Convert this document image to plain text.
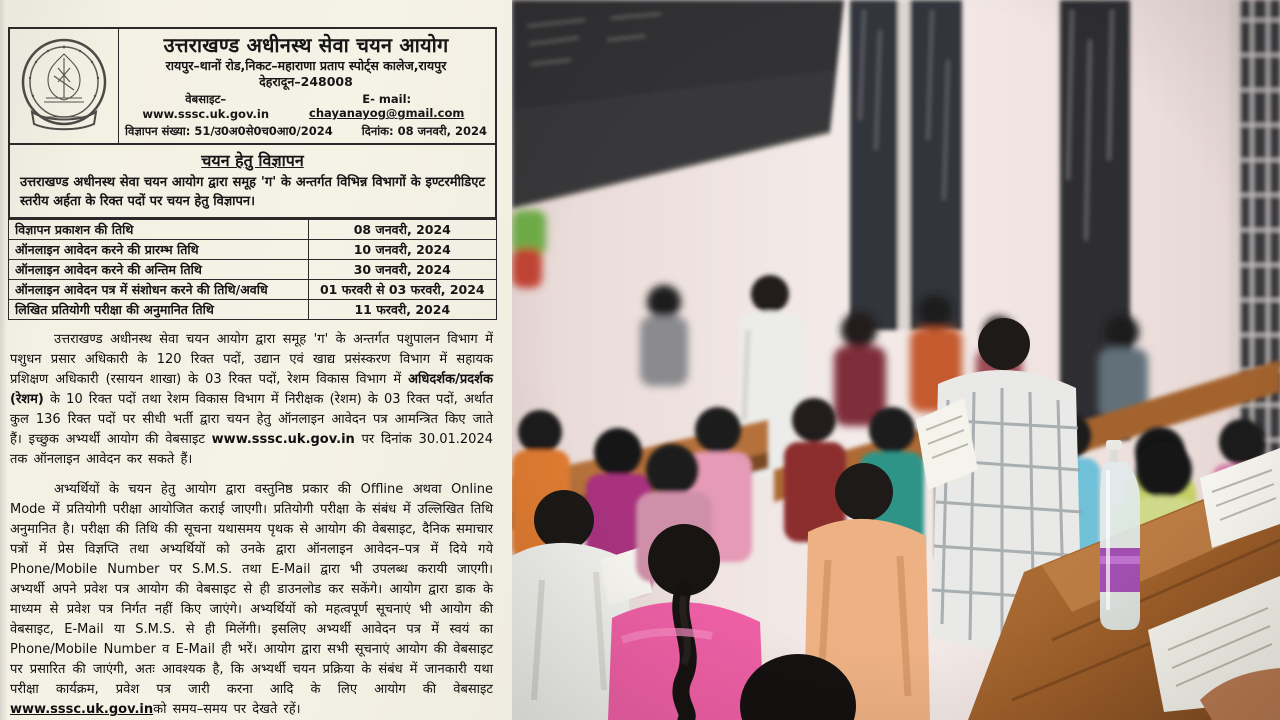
उत्तराखण्ड अधीनस्थ सेवा चयन आयोग
रायपुर–थानों रोड,निकट–महाराणा प्रताप स्पोर्ट्स कालेज,रायपुर
देहरादून–248008
वेबसाइट–www.sssc.uk.gov.in
E- mail: chayanayog@gmail.com
विज्ञापन संख्या: 51/उ0अ0से0च0आ0/2024	दिनांक: 08 जनवरी, 2024
चयन हेतु विज्ञापन
उत्तराखण्ड अधीनस्थ सेवा चयन आयोग द्वारा समूह 'ग' के अन्तर्गत विभिन्न विभागों के इण्टरमीडिएट स्तरीय अर्हता के रिक्त पदों पर चयन हेतु विज्ञापन।
विज्ञापन प्रकाशन की तिथि	08 जनवरी, 2024
ऑनलाइन आवेदन करने की प्रारम्भ तिथि	10 जनवरी, 2024
ऑनलाइन आवेदन करने की अन्तिम तिथि	30 जनवरी, 2024
ऑनलाइन आवेदन पत्र में संशोधन करने की तिथि/अवधि	01 फरवरी से 03 फरवरी, 2024
लिखित प्रतियोगी परीक्षा की अनुमानित तिथि	11 फरवरी, 2024

उत्तराखण्ड अधीनस्थ सेवा चयन आयोग द्वारा समूह 'ग' के अन्तर्गत पशुपालन विभाग में पशुधन प्रसार अधिकारी के 120 रिक्त पदों, उद्यान एवं खाद्य प्रसंस्करण विभाग में सहायक प्रशिक्षण अधिकारी (रसायन शाखा) के 03 रिक्त पदों, रेशम विकास विभाग में अधिदर्शक/प्रदर्शक (रेशम) के 10 रिक्त पदों तथा रेशम विकास विभाग में निरीक्षक (रेशम) के 03 रिक्त पदों, अर्थात कुल 136 रिक्त पदों पर सीधी भर्ती द्वारा चयन हेतु ऑनलाइन आवेदन पत्र आमन्त्रित किए जाते हैं। इच्छुक अभ्यर्थी आयोग की वेबसाइट www.sssc.uk.gov.in पर दिनांक 30.01.2024 तक ऑनलाइन आवेदन कर सकते हैं।

अभ्यर्थियों के चयन हेतु आयोग द्वारा वस्तुनिष्ठ प्रकार की Offline अथवा Online Mode में प्रतियोगी परीक्षा आयोजित कराई जाएगी। प्रतियोगी परीक्षा के संबंध में उल्लिखित तिथि अनुमानित है। परीक्षा की तिथि की सूचना यथासमय पृथक से आयोग की वेबसाइट, दैनिक समाचार पत्रों में प्रेस विज्ञप्ति तथा अभ्यर्थियों को उनके द्वारा ऑनलाइन आवेदन–पत्र में दिये गये Phone/Mobile Number पर S.M.S. तथा E-Mail द्वारा भी उपलब्ध करायी जाएगी। अभ्यर्थी अपने प्रवेश पत्र आयोग की वेबसाइट से ही डाउनलोड कर सकेंगे। आयोग द्वारा डाक के माध्यम से प्रवेश पत्र निर्गत नहीं किए जाएंगे। अभ्यर्थियों को महत्वपूर्ण सूचनाएं भी आयोग की वेबसाइट, E-Mail या S.M.S. से ही मिलेंगी। इसलिए अभ्यर्थी आवेदन पत्र में स्वयं का Phone/Mobile Number व E-Mail ही भरें। आयोग द्वारा सभी सूचनाएं आयोग की वेबसाइट पर प्रसारित की जाएंगी, अतः आवश्यक है, कि अभ्यर्थी चयन प्रक्रिया के संबंध में जानकारी यथा परीक्षा कार्यक्रम, प्रवेश पत्र जारी करना आदि के लिए आयोग की वेबसाइट www.sssc.uk.gov.inको समय–समय पर देखते रहें।
